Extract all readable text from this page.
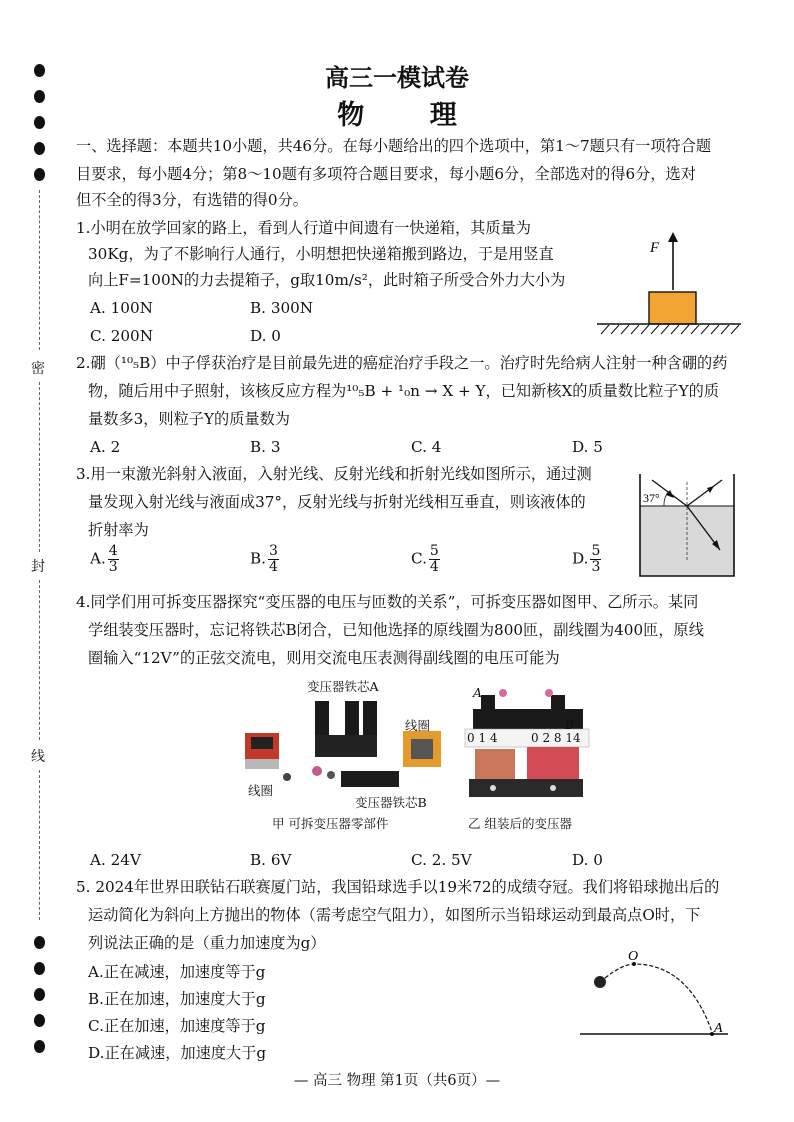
密
封
线
高三一模试卷
物 理
一、选择题：本题共10小题，共46分。在每小题给出的四个选项中，第1～7题只有一项符合题
目要求，每小题4分；第8～10题有多项符合题目要求，每小题6分，全部选对的得6分，选对
但不全的得3分，有选错的得0分。
1.小明在放学回家的路上，看到人行道中间遗有一快递箱，其质量为
30Kg，为了不影响行人通行，小明想把快递箱搬到路边，于是用竖直
向上F=100N的力去提箱子，g取10m/s²，此时箱子所受合外力大小为
A. 100N	B. 300N
C. 200N	D. 0
F
2.硼（¹⁰₅B）中子俘获治疗是目前最先进的癌症治疗手段之一。治疗时先给病人注射一种含硼的药
物，随后用中子照射，该核反应方程为¹⁰₅B + ¹₀n → X + Y，已知新核X的质量数比粒子Y的质
量数多3，则粒子Y的质量数为
A. 2	B. 3	C. 4	D. 5
3.用一束激光斜射入液面，入射光线、反射光线和折射光线如图所示，通过测
量发现入射光线与液面成37°，反射光线与折射光线相互垂直，则该液体的
折射率为
A. $\frac{4}{3}$	B. $\frac{3}{4}$	C. $\frac{5}{4}$	D. $\frac{5}{3}$
37°
4.同学们用可拆变压器探究“变压器的电压与匝数的关系”，可拆变压器如图甲、乙所示。某同
学组装变压器时，忘记将铁芯B闭合，已知他选择的原线圈为800匝，副线圈为400匝，原线
圈输入“12V”的正弦交流电，则用交流电压表测得副线圈的电压可能为
变压器铁芯A
线圈
线圈
变压器铁芯B
甲 可拆变压器零部件
A
B
0 1 4	0 2 8 14
乙 组装后的变压器
A. 24V	B. 6V	C. 2. 5V	D. 0
5. 2024年世界田联钻石联赛厦门站，我国铅球选手以19米72的成绩夺冠。我们将铅球抛出后的
运动简化为斜向上方抛出的物体（需考虑空气阻力），如图所示当铅球运动到最高点O时，下
列说法正确的是（重力加速度为g）
A.正在减速，加速度等于g
B.正在加速，加速度大于g
C.正在加速，加速度等于g
D.正在减速，加速度大于g
O
A
— 高三 物理 第1页（共6页）—
